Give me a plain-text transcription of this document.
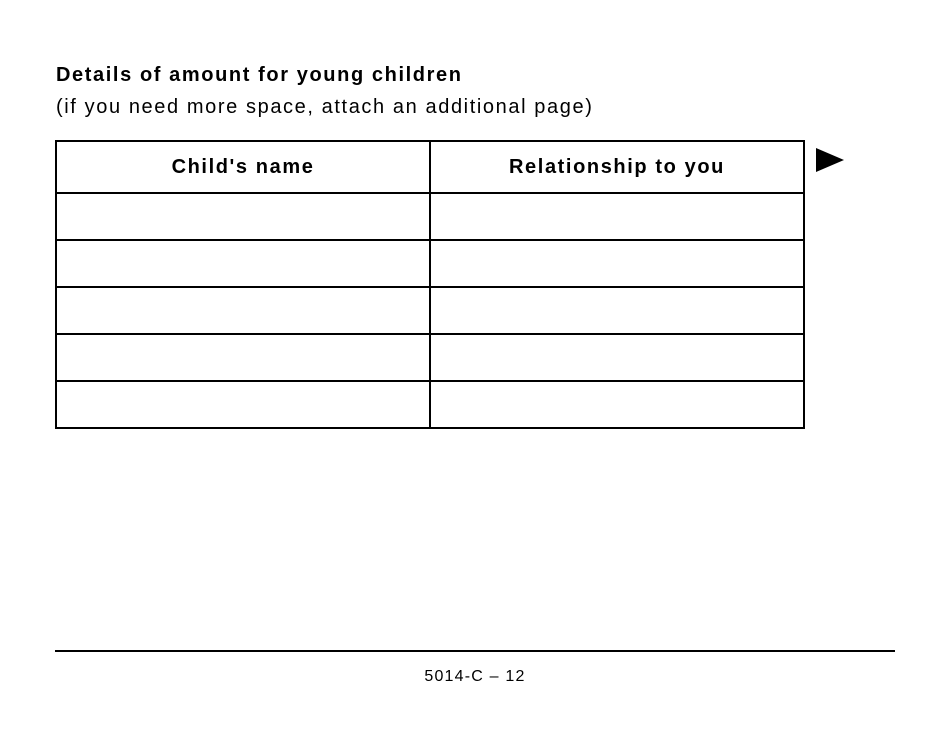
Details of amount for young children
(if you need more space, attach an additional page)
Child's name	Relationship to you

5014-C – 12
